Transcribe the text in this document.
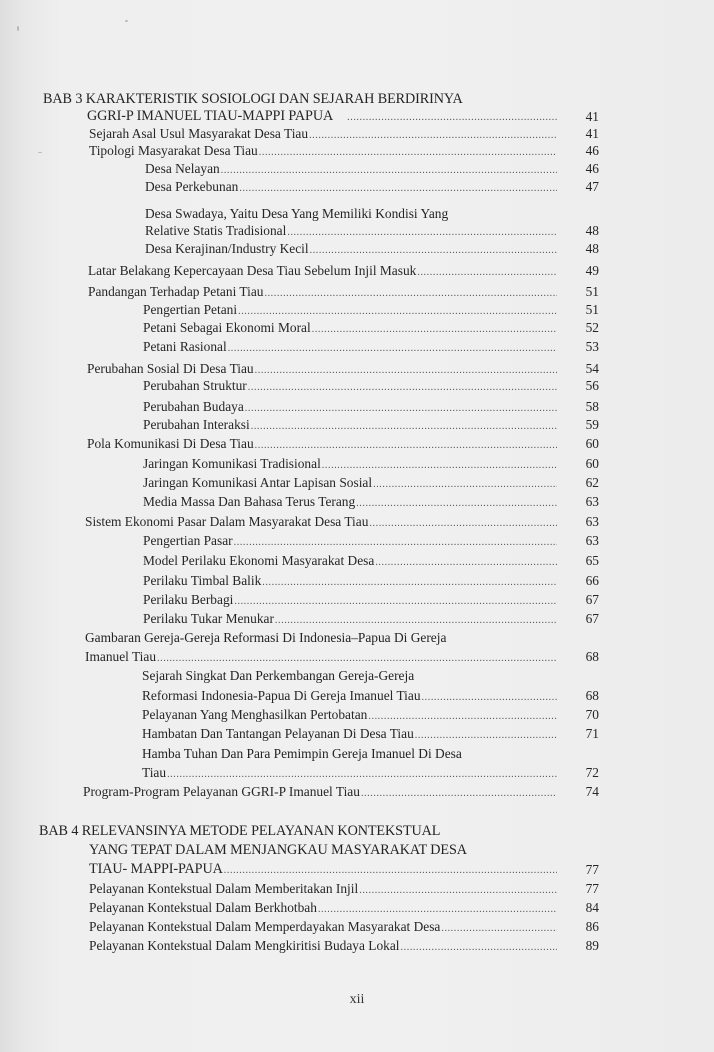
BAB 3 KARAKTERISTIK SOSIOLOGI DAN SEJARAH BERDIRINYA
GGRI-P IMANUEL TIAU-MAPPI PAPUA .....	41
Sejarah Asal Usul Masyarakat Desa Tiau .....	41
Tipologi Masyarakat Desa Tiau .....	46
Desa Nelayan .....	46
Desa Perkebunan .....	47
Desa Swadaya, Yaitu Desa Yang Memiliki Kondisi Yang
Relative Statis Tradisional .....	48
Desa Kerajinan/Industry Kecil .....	48
Latar Belakang Kepercayaan Desa Tiau Sebelum Injil Masuk .....	49
Pandangan Terhadap Petani Tiau .....	51
Pengertian Petani .....	51
Petani Sebagai Ekonomi Moral .....	52
Petani Rasional .....	53
Perubahan Sosial Di Desa Tiau .....	54
Perubahan Struktur .....	56
Perubahan Budaya .....	58
Perubahan Interaksi .....	59
Pola Komunikasi Di Desa Tiau .....	60
Jaringan Komunikasi Tradisional .....	60
Jaringan Komunikasi Antar Lapisan Sosial .....	62
Media Massa Dan Bahasa Terus Terang .....	63
Sistem Ekonomi Pasar Dalam Masyarakat Desa Tiau .....	63
Pengertian Pasar .....	63
Model Perilaku Ekonomi Masyarakat Desa .....	65
Perilaku Timbal Balik .....	66
Perilaku Berbagi .....	67
Perilaku Tukar Menukar .....	67
Gambaran Gereja-Gereja Reformasi Di Indonesia–Papua Di Gereja
Imanuel Tiau .....	68
Sejarah Singkat Dan Perkembangan Gereja-Gereja
Reformasi Indonesia-Papua Di Gereja Imanuel Tiau .....	68
Pelayanan Yang Menghasilkan Pertobatan .....	70
Hambatan Dan Tantangan Pelayanan Di Desa Tiau .....	71
Hamba Tuhan Dan Para Pemimpin Gereja Imanuel Di Desa
Tiau .....	72
Program-Program Pelayanan GGRI-P Imanuel Tiau .....	74
BAB 4 RELEVANSINYA METODE PELAYANAN KONTEKSTUAL
YANG TEPAT DALAM MENJANGKAU MASYARAKAT DESA
TIAU- MAPPI-PAPUA .....	77
Pelayanan Kontekstual Dalam Memberitakan Injil .....	77
Pelayanan Kontekstual Dalam Berkhotbah .....	84
Pelayanan Kontekstual Dalam Memperdayakan Masyarakat Desa .....	86
Pelayanan Kontekstual Dalam Mengkiritisi Budaya Lokal .....	89
xii
